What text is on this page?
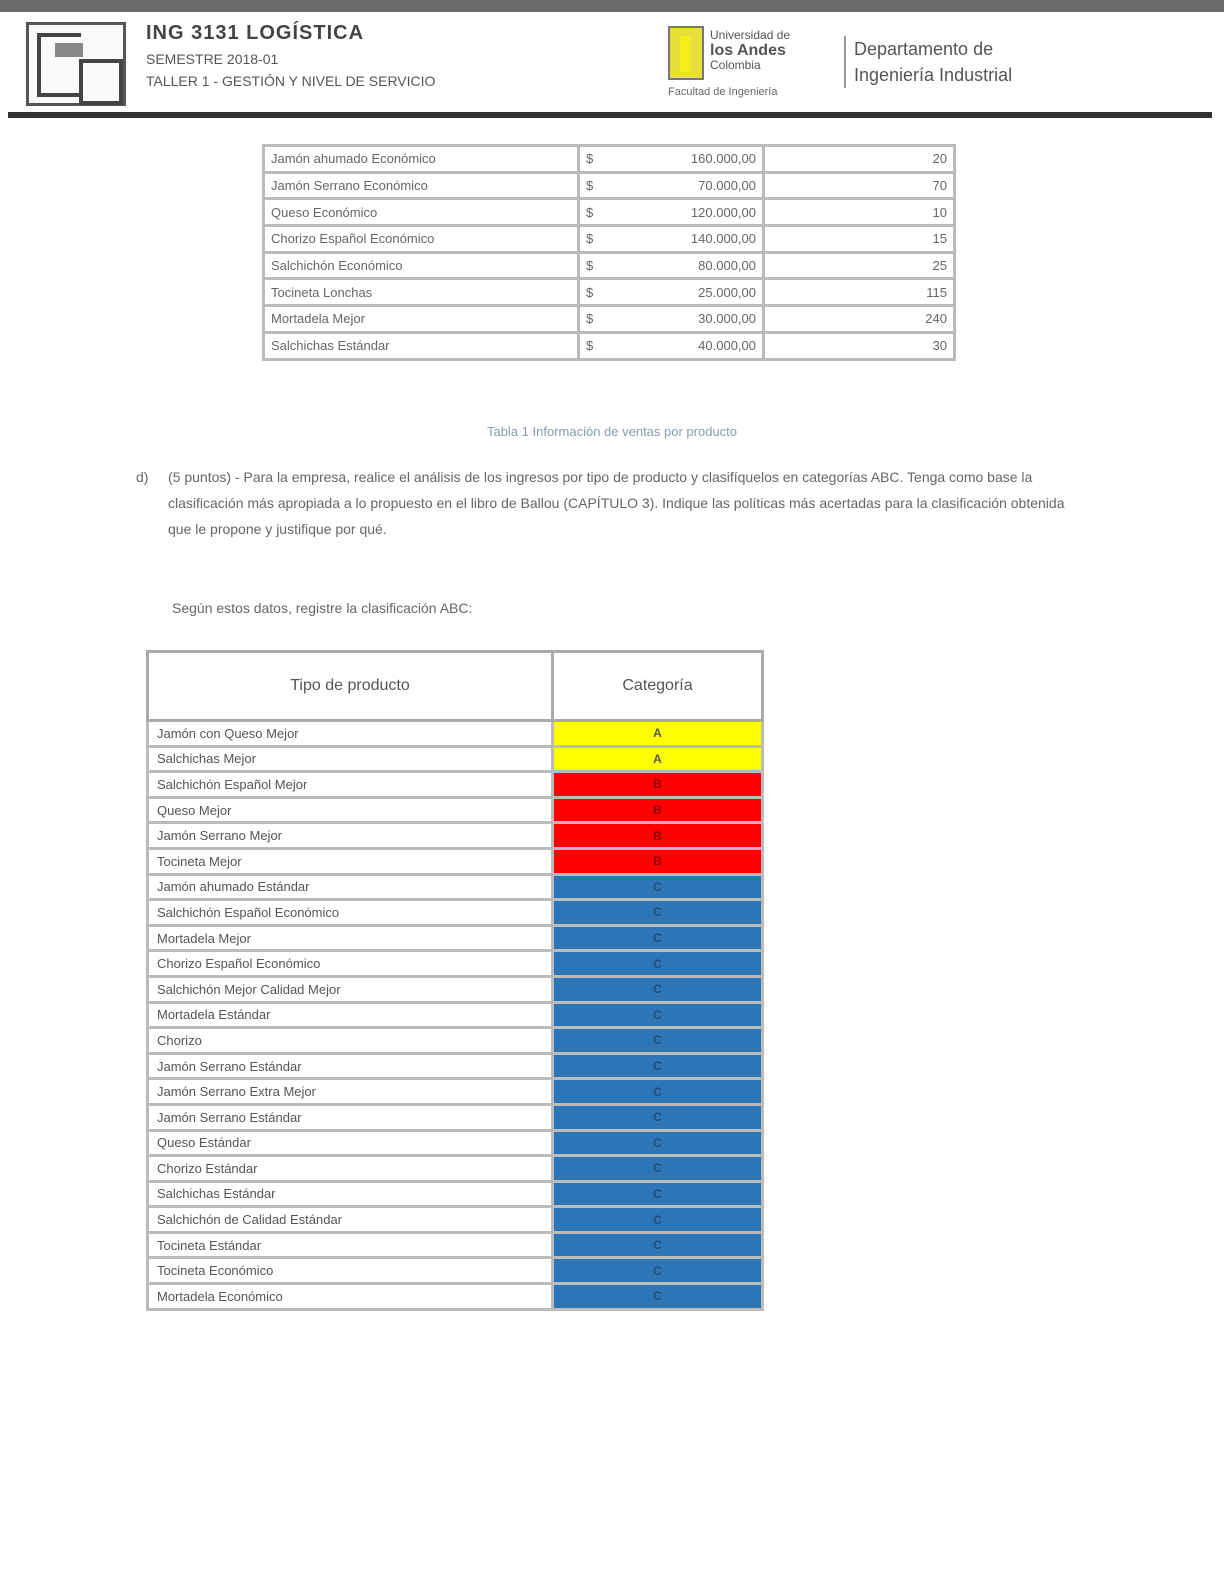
ING 3131 LOGÍSTICA
SEMESTRE 2018-01
TALLER 1 - GESTIÓN Y NIVEL DE SERVICIO
Universidad de
los Andes
Colombia
Facultad de Ingeniería
Departamento de
Ingeniería Industrial
Jamón ahumado Económico	$ 160.000,00	20
Jamón Serrano Económico	$ 70.000,00	70
Queso Económico	$ 120.000,00	10
Chorizo Español Económico	$ 140.000,00	15
Salchichón Económico	$ 80.000,00	25
Tocineta Lonchas	$ 25.000,00	115
Mortadela Mejor	$ 30.000,00	240
Salchichas Estándar	$ 40.000,00	30
Tabla 1 Información de ventas por producto
d) (5 puntos) - Para la empresa, realice el análisis de los ingresos por tipo de producto y clasifíquelos en categorías ABC. Tenga como base la clasificación más apropiada a lo propuesto en el libro de Ballou (CAPÍTULO 3). Indique las políticas más acertadas para la clasificación obtenida que le propone y justifique por qué.
Según estos datos, registre la clasificación ABC:
Tipo de producto	Categoría
Jamón con Queso Mejor	A
Salchichas Mejor	A
Salchichón Español Mejor	B
Queso Mejor	B
Jamón Serrano Mejor	B
Tocineta Mejor	B
Jamón ahumado Estándar	C
Salchichón Español Económico	C
Mortadela Mejor	C
Chorizo Español Económico	C
Salchichón Mejor Calidad Mejor	C
Mortadela Estándar	C
Chorizo	C
Jamón Serrano Estándar	C
Jamón Serrano Extra Mejor	C
Jamón Serrano Estándar	C
Queso Estándar	C
Chorizo Estándar	C
Salchichas Estándar	C
Salchichón de Calidad Estándar	C
Tocineta Estándar	C
Tocineta Económico	C
Mortadela Económico	C
